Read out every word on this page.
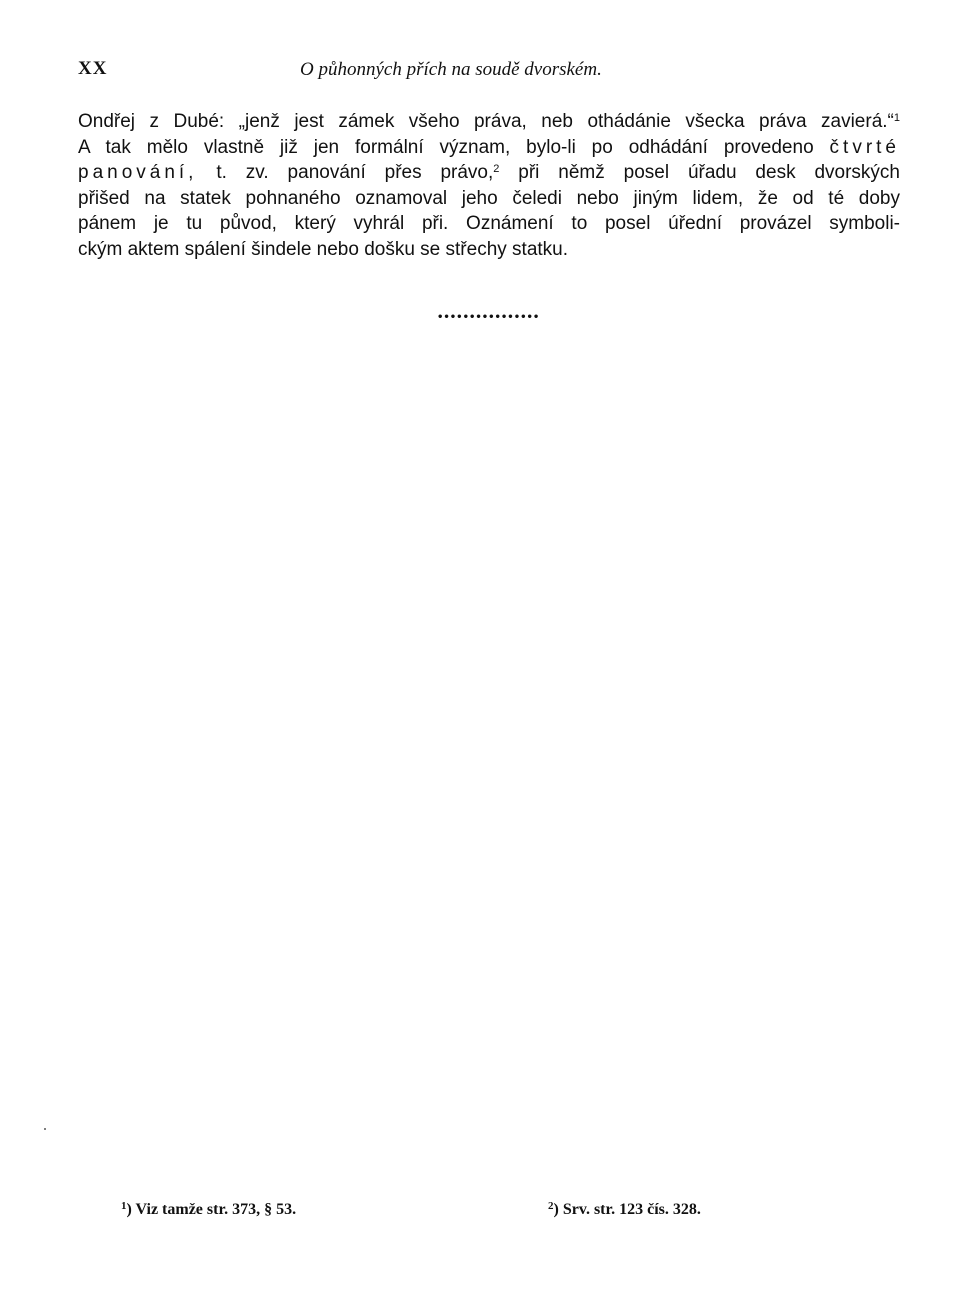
XX	O půhonných přích na soudě dvorském.
Ondřej z Dubé: „jenž jest zámek všeho práva, neb othádánie všecka práva zavierá.“$^1$
A tak mělo vlastně již jen formální význam, bylo-li po odhádání provedeno čtvrté
panování, t. zv. panování přes právo,$^2$ při němž posel úřadu desk dvorských
přišed na statek pohnaného oznamoval jeho čeledi nebo jiným lidem, že od té doby
pánem je tu původ, který vyhrál při. Oznámení to posel úřední provázel symboli-
ckým aktem spálení šindele nebo došku se střechy statku.
••••••••••••••••
$^1$) Viz tamže str. 373, § 53.	$^2$) Srv. str. 123 čís. 328.
